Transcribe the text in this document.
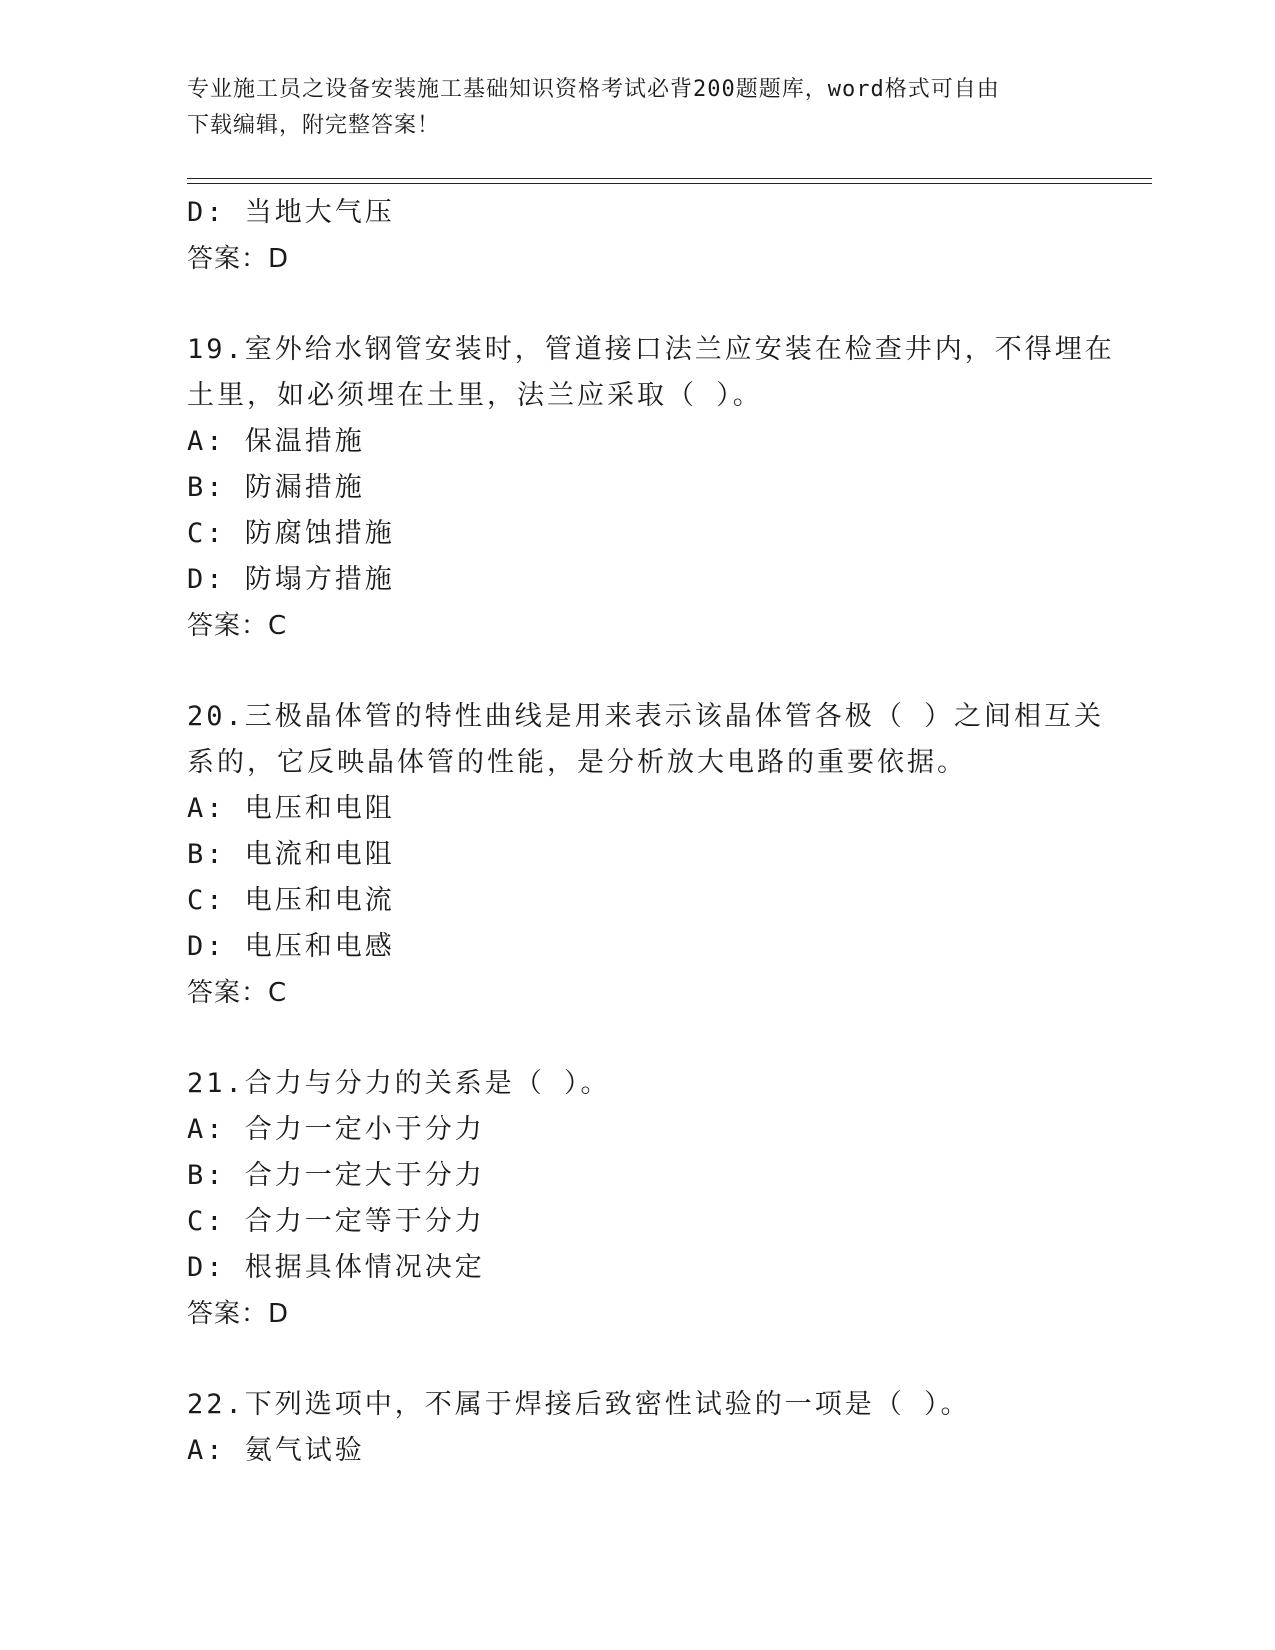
专业施工员之设备安装施工基础知识资格考试必背200题题库，word格式可自由
下载编辑，附完整答案！
D: 当地大气压
答案：D
19.室外给水钢管安装时，管道接口法兰应安装在检查井内，不得埋在
土里，如必须埋在土里，法兰应采取（ ）。
A: 保温措施
B: 防漏措施
C: 防腐蚀措施
D: 防塌方措施
答案：C
20.三极晶体管的特性曲线是用来表示该晶体管各极（ ）之间相互关
系的，它反映晶体管的性能，是分析放大电路的重要依据。
A: 电压和电阻
B: 电流和电阻
C: 电压和电流
D: 电压和电感
答案：C
21.合力与分力的关系是（ ）。
A: 合力一定小于分力
B: 合力一定大于分力
C: 合力一定等于分力
D: 根据具体情况决定
答案：D
22.下列选项中，不属于焊接后致密性试验的一项是（ ）。
A: 氨气试验
